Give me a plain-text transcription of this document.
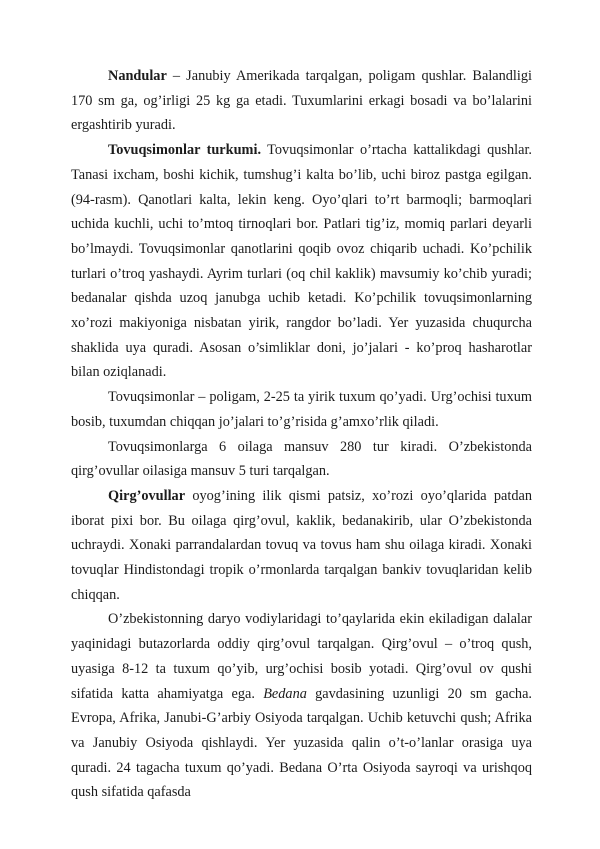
Nandular – Janubiy Amerikada tarqalgan, poligam qushlar. Balandligi 170 sm ga, og’irligi 25 kg ga etadi. Tuxumlarini erkagi bosadi va bo’lalarini ergashtirib yuradi.

Tovuqsimonlar turkumi. Tovuqsimonlar o’rtacha kattalikdagi qushlar. Tanasi ixcham, boshi kichik, tumshug’i kalta bo’lib, uchi biroz pastga egilgan. (94-rasm). Qanotlari kalta, lekin keng. Oyo’qlari to’rt barmoqli; barmoqlari uchida kuchli, uchi to’mtoq tirnoqlari bor. Patlari tig’iz, momiq parlari deyarli bo’lmaydi. Tovuqsimonlar qanotlarini qoqib ovoz chiqarib uchadi. Ko’pchilik turlari o’troq yashaydi. Ayrim turlari (oq chil kaklik) mavsumiy ko’chib yuradi; bedanalar qishda uzoq janubga uchib ketadi. Ko’pchilik tovuqsimonlarning xo’rozi makiyoniga nisbatan yirik, rangdor bo’ladi. Yer yuzasida chuqurcha shaklida uya quradi. Asosan o’simliklar doni, jo’jalari - ko’proq hasharotlar bilan oziqlanadi.

Tovuqsimonlar – poligam, 2-25 ta yirik tuxum qo’yadi. Urg’ochisi tuxum bosib, tuxumdan chiqqan jo’jalari to’g’risida g’amxo’rlik qiladi.

Tovuqsimonlarga 6 oilaga mansuv 280 tur kiradi. O’zbekistonda qirg’ovullar oilasiga mansuv 5 turi tarqalgan.

Qirg’ovullar oyog’ining ilik qismi patsiz, xo’rozi oyo’qlarida patdan iborat pixi bor. Bu oilaga qirg’ovul, kaklik, bedanakirib, ular O’zbekistonda uchraydi. Xonaki parrandalardan tovuq va tovus ham shu oilaga kiradi. Xonaki tovuqlar Hindistondagi tropik o’rmonlarda tarqalgan bankiv tovuqlaridan kelib chiqqan.

O’zbekistonning daryo vodiylaridagi to’qaylarida ekin ekiladigan dalalar yaqinidagi butazorlarda oddiy qirg’ovul tarqalgan. Qirg’ovul – o’troq qush, uyasiga 8-12 ta tuxum qo’yib, urg’ochisi bosib yotadi. Qirg’ovul ov qushi sifatida katta ahamiyatga ega. Bedana gavdasining uzunligi 20 sm gacha. Evropa, Afrika, Janubi-G’arbiy Osiyoda tarqalgan. Uchib ketuvchi qush; Afrika va Janubiy Osiyoda qishlaydi. Yer yuzasida qalin o’t-o’lanlar orasiga uya quradi. 24 tagacha tuxum qo’yadi. Bedana O’rta Osiyoda sayroqi va urishqoq qush sifatida qafasda
